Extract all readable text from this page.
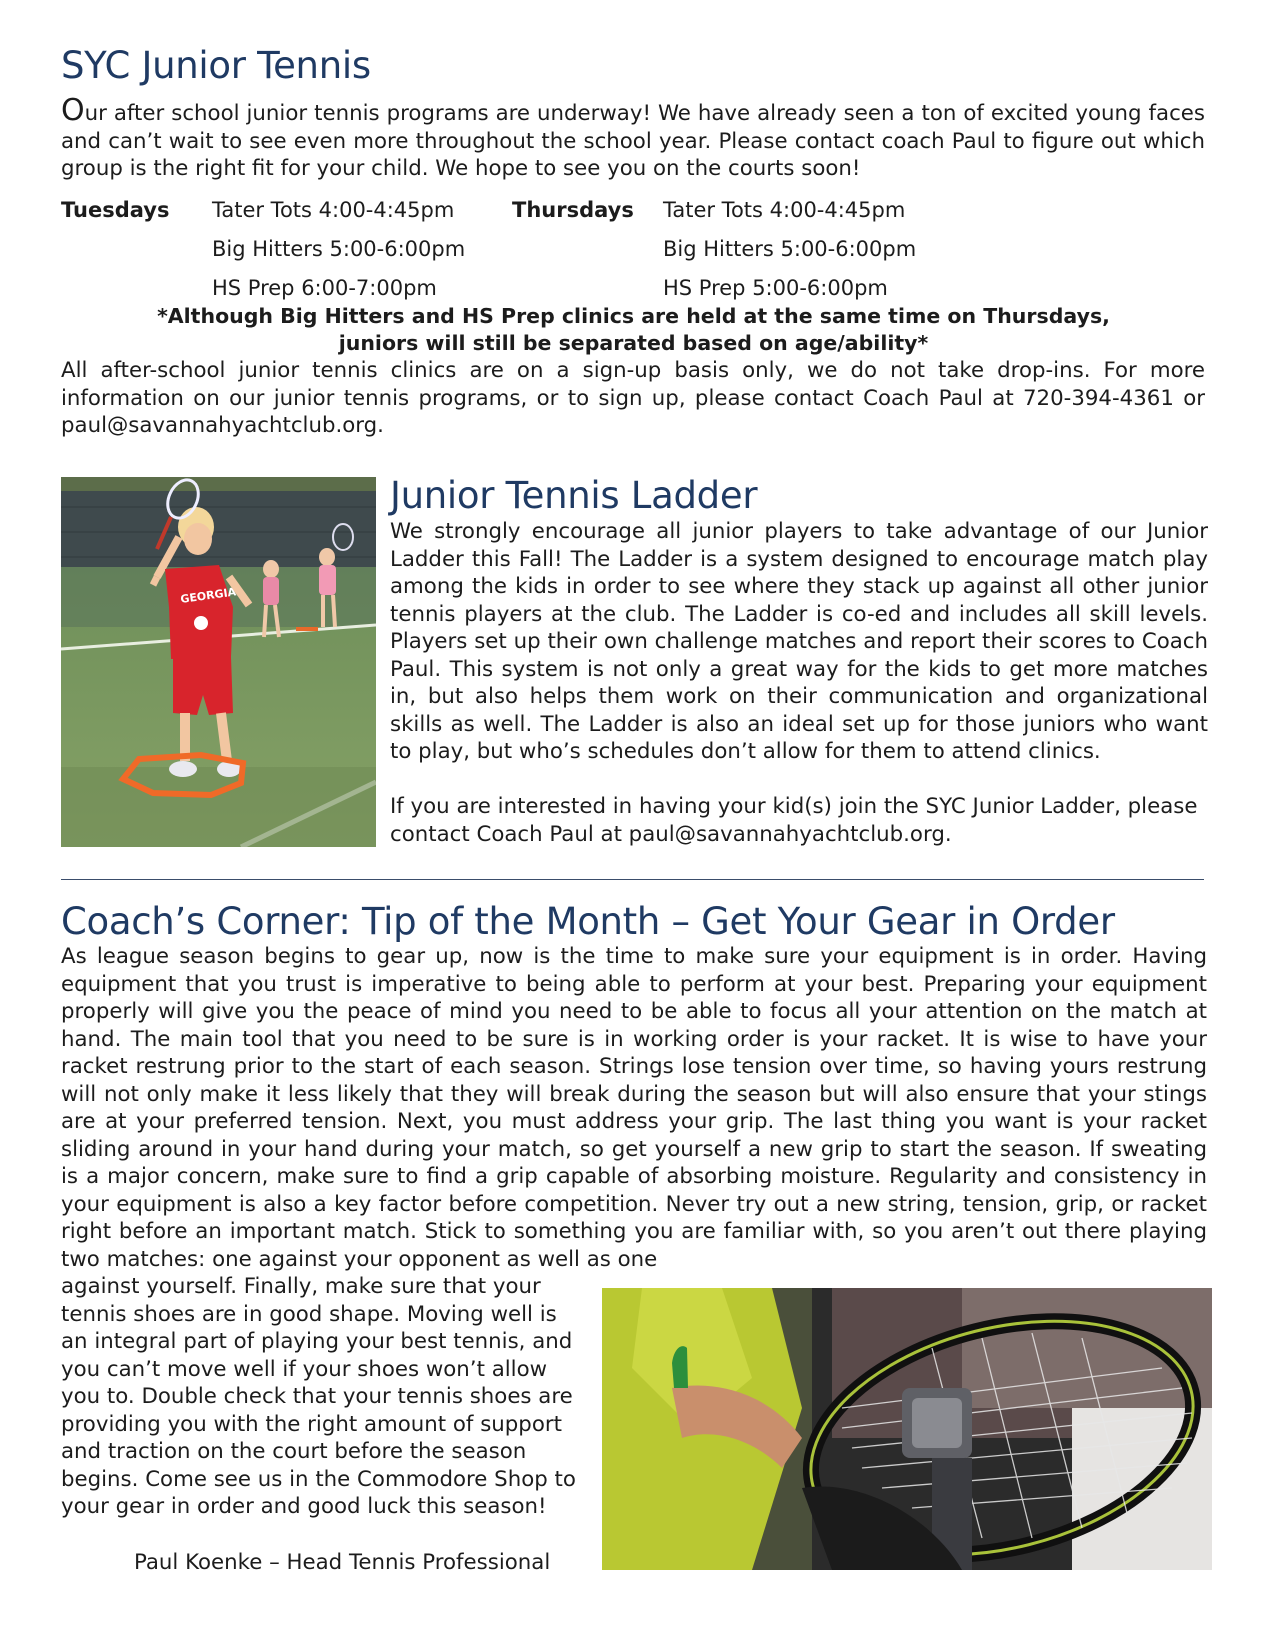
SYC Junior Tennis

Our after school junior tennis programs are underway! We have already seen a ton of excited young faces and can’t wait to see even more throughout the school year. Please contact coach Paul to figure out which group is the right fit for your child. We hope to see you on the courts soon!

Tuesdays Tater Tots 4:00-4:45pm
Big Hitters 5:00-6:00pm
HS Prep 6:00-7:00pm
Thursdays Tater Tots 4:00-4:45pm
Big Hitters 5:00-6:00pm
HS Prep 5:00-6:00pm

*Although Big Hitters and HS Prep clinics are held at the same time on Thursdays,

juniors will still be separated based on age/ability*

All after-school junior tennis clinics are on a sign-up basis only, we do not take drop-ins. For more information on our junior tennis programs, or to sign up, please contact Coach Paul at 720-394-4361 or paul@savannahyachtclub.org.

GEORGIA
Junior Tennis Ladder

We strongly encourage all junior players to take advantage of our Junior Ladder this Fall! The Ladder is a system designed to encourage match play among the kids in order to see where they stack up against all other junior tennis players at the club. The Ladder is co-ed and includes all skill levels. Players set up their own challenge matches and report their scores to Coach Paul. This system is not only a great way for the kids to get more matches in, but also helps them work on their communication and organizational skills as well. The Ladder is also an ideal set up for those juniors who want to play, but who’s schedules don’t allow for them to attend clinics.

If you are interested in having your kid(s) join the SYC Junior Ladder, please contact Coach Paul at paul@savannahyachtclub.org.

Coach’s Corner: Tip of the Month – Get Your Gear in Order

As league season begins to gear up, now is the time to make sure your equipment is in order. Having equipment that you trust is imperative to being able to perform at your best. Preparing your equipment properly will give you the peace of mind you need to be able to focus all your attention on the match at hand. The main tool that you need to be sure is in working order is your racket. It is wise to have your racket restrung prior to the start of each season. Strings lose tension over time, so having yours restrung will not only make it less likely that they will break during the season but will also ensure that your stings are at your preferred tension. Next, you must address your grip. The last thing you want is your racket sliding around in your hand during your match, so get yourself a new grip to start the season. If sweating is a major concern, make sure to find a grip capable of absorbing moisture. Regularity and consistency in your equipment is also a key factor before competition. Never try out a new string, tension, grip, or racket right before an important match. Stick to something you are familiar with, so you aren’t out there playing two matches: one against your opponent as well as one

against yourself. Finally, make sure that your tennis shoes are in good shape. Moving well is an integral part of playing your best tennis, and you can’t move well if your shoes won’t allow you to. Double check that your tennis shoes are providing you with the right amount of support and traction on the court before the season begins. Come see us in the Commodore Shop to your gear in order and good luck this season!

Paul Koenke – Head Tennis Professional
